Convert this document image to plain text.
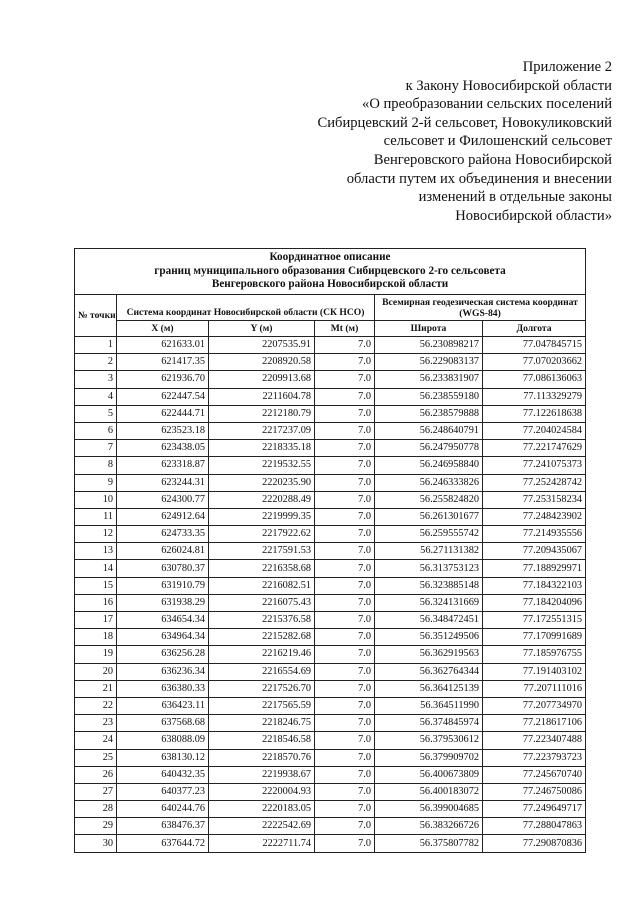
Приложение 2
к Закону Новосибирской области
«О преобразовании сельских поселений
Сибирцевский 2-й сельсовет, Новокуликовский
сельсовет и Филошенский сельсовет
Венгеровского района Новосибирской
области путем их объединения и внесении
изменений в отдельные законы
Новосибирской области»
Координатное описание
границ муниципального образования Сибирцевского 2-го сельсовета
Венгеровского района Новосибирской области					

№ точки	Система координат Новосибирской области (СК НСО)			Всемирная геодезическая система координат (WGS-84)	
	X (м)	Y (м)	Mt (м)	Широта	Долгота
1	621633.01	2207535.91	7.0	56.230898217	77.047845715
2	621417.35	2208920.58	7.0	56.229083137	77.070203662
3	621936.70	2209913.68	7.0	56.233831907	77.086136063
4	622447.54	2211604.78	7.0	56.238559180	77.113329279
5	622444.71	2212180.79	7.0	56.238579888	77.122618638
6	623523.18	2217237.09	7.0	56.248640791	77.204024584
7	623438.05	2218335.18	7.0	56.247950778	77.221747629
8	623318.87	2219532.55	7.0	56.246958840	77.241075373
9	623244.31	2220235.90	7.0	56.246333826	77.252428742
10	624300.77	2220288.49	7.0	56.255824820	77.253158234
11	624912.64	2219999.35	7.0	56.261301677	77.248423902
12	624733.35	2217922.62	7.0	56.259555742	77.214935556
13	626024.81	2217591.53	7.0	56.271131382	77.209435067
14	630780.37	2216358.68	7.0	56.313753123	77.188929971
15	631910.79	2216082.51	7.0	56.323885148	77.184322103
16	631938.29	2216075.43	7.0	56.324131669	77.184204096
17	634654.34	2215376.58	7.0	56.348472451	77.172551315
18	634964.34	2215282.68	7.0	56.351249506	77.170991689
19	636256.28	2216219.46	7.0	56.362919563	77.185976755
20	636236.34	2216554.69	7.0	56.362764344	77.191403102
21	636380.33	2217526.70	7.0	56.364125139	77.207111016
22	636423.11	2217565.59	7.0	56.364511990	77.207734970
23	637568.68	2218246.75	7.0	56.374845974	77.218617106
24	638088.09	2218546.58	7.0	56.379530612	77.223407488
25	638130.12	2218570.76	7.0	56.379909702	77.223793723
26	640432.35	2219938.67	7.0	56.400673809	77.245670740
27	640377.23	2220004.93	7.0	56.400183072	77.246750086
28	640244.76	2220183.05	7.0	56.399004685	77.249649717
29	638476.37	2222542.69	7.0	56.383266726	77.288047863
30	637644.72	2222711.74	7.0	56.375807782	77.290870836
